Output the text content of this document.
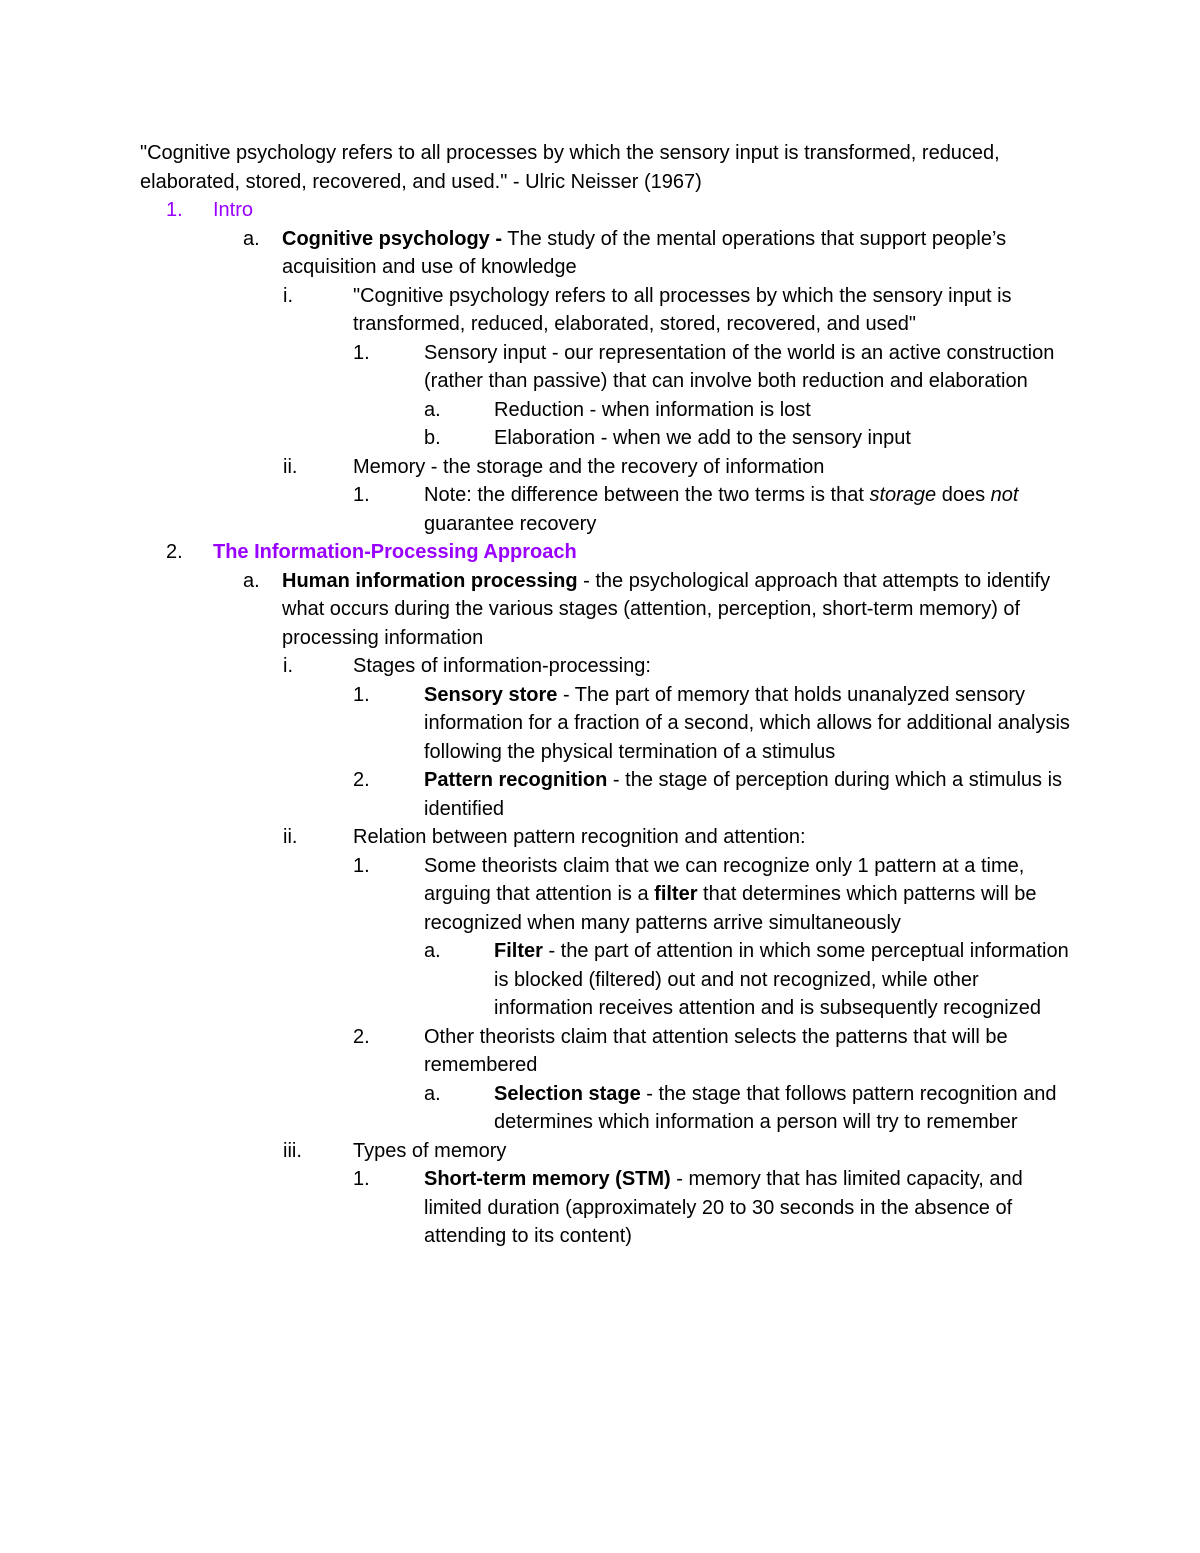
"Cognitive psychology refers to all processes by which the sensory input is transformed, reduced, elaborated, stored, recovered, and used." - Ulric Neisser (1967)

1.	Intro
a.	Cognitive psychology - The study of the mental operations that support people’s acquisition and use of knowledge
i.	"Cognitive psychology refers to all processes by which the sensory input is transformed, reduced, elaborated, stored, recovered, and used"
1.	Sensory input - our representation of the world is an active construction (rather than passive) that can involve both reduction and elaboration
a.	Reduction - when information is lost
b.	Elaboration - when we add to the sensory input
ii.	Memory - the storage and the recovery of information
1.	Note: the difference between the two terms is that storage does not guarantee recovery
2.	The Information-Processing Approach
a.	Human information processing - the psychological approach that attempts to identify what occurs during the various stages (attention, perception, short-term memory) of processing information
i.	Stages of information-processing:
1.	Sensory store - The part of memory that holds unanalyzed sensory information for a fraction of a second, which allows for additional analysis following the physical termination of a stimulus
2.	Pattern recognition - the stage of perception during which a stimulus is identified
ii.	Relation between pattern recognition and attention:
1.	Some theorists claim that we can recognize only 1 pattern at a time, arguing that attention is a filter that determines which patterns will be recognized when many patterns arrive simultaneously
a.	Filter - the part of attention in which some perceptual information is blocked (filtered) out and not recognized, while other information receives attention and is subsequently recognized
2.	Other theorists claim that attention selects the patterns that will be remembered
a.	Selection stage - the stage that follows pattern recognition and determines which information a person will try to remember
iii.	Types of memory
1.	Short-term memory (STM) - memory that has limited capacity, and limited duration (approximately 20 to 30 seconds in the absence of attending to its content)
